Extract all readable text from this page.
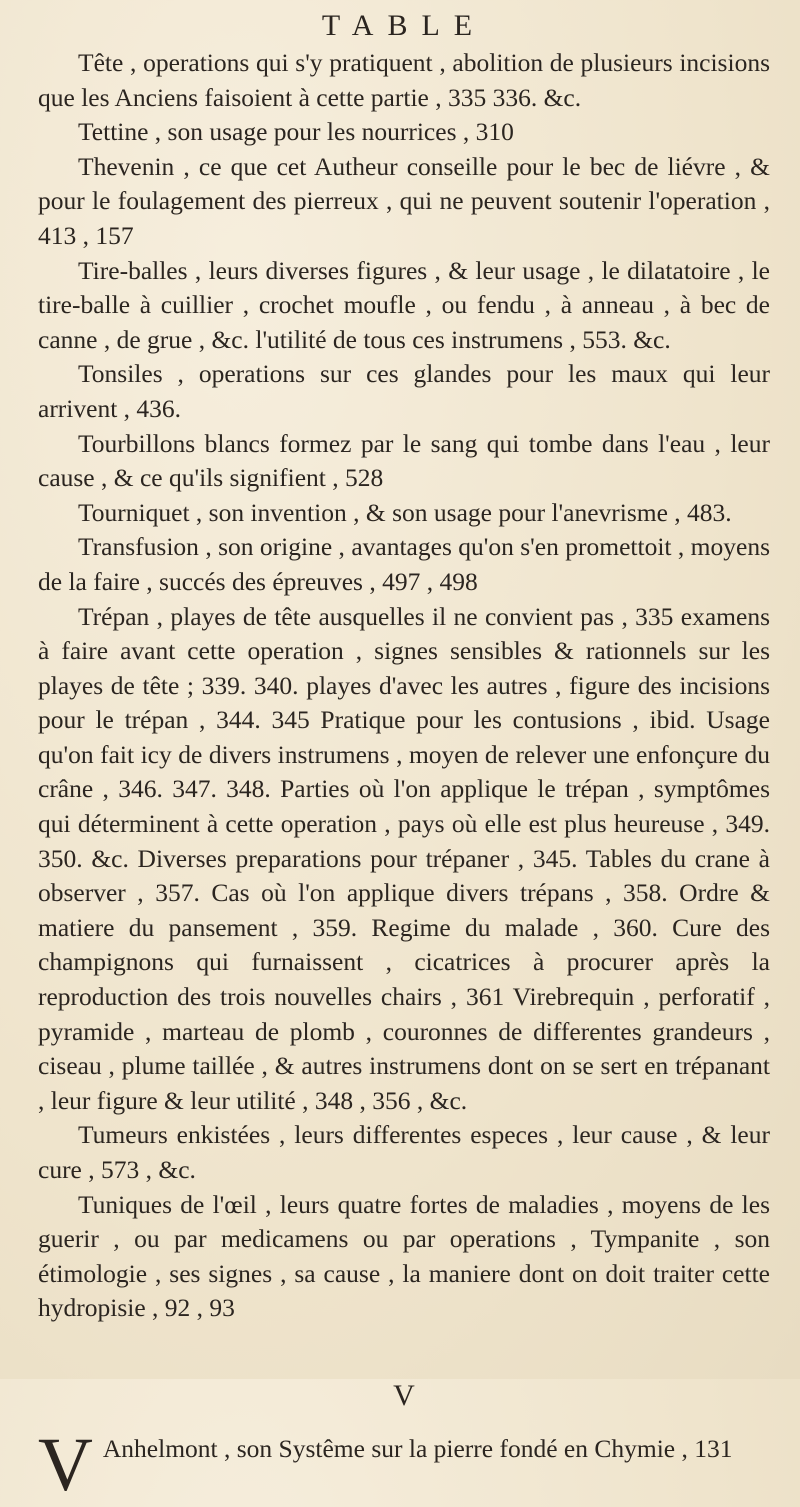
TABLE

Tête , operations qui s'y pratiquent , abolition de plusieurs incisions que les Anciens faisoient à cette partie , 335 336. &c.

Tettine , son usage pour les nourrices , 310

Thevenin , ce que cet Autheur conseille pour le bec de liévre , & pour le foulagement des pierreux , qui ne peuvent soutenir l'operation , 413 , 157

Tire-balles , leurs diverses figures , & leur usage , le dilatatoire , le tire-balle à cuillier , crochet moufle , ou fendu , à anneau , à bec de canne , de grue , &c. l'utilité de tous ces instrumens , 553. &c.

Tonsiles , operations sur ces glandes pour les maux qui leur arrivent , 436.

Tourbillons blancs formez par le sang qui tombe dans l'eau , leur cause , & ce qu'ils signifient , 528

Tourniquet , son invention , & son usage pour l'anevrisme , 483.

Transfusion , son origine , avantages qu'on s'en promettoit , moyens de la faire , succés des épreuves , 497 , 498

Trépan , playes de tête ausquelles il ne convient pas , 335 examens à faire avant cette operation , signes sensibles & rationnels sur les playes de tête ; 339. 340. playes d'avec les autres , figure des incisions pour le trépan , 344. 345 Pratique pour les contusions , ibid. Usage qu'on fait icy de divers instrumens , moyen de relever une enfonçure du crâne , 346. 347. 348. Parties où l'on applique le trépan , symptômes qui déterminent à cette operation , pays où elle est plus heureuse , 349. 350. &c. Diverses preparations pour trépaner , 345. Tables du crane à observer , 357. Cas où l'on applique divers trépans , 358. Ordre & matiere du pansement , 359. Regime du malade , 360. Cure des champignons qui furnaissent , cicatrices à procurer après la reproduction des trois nouvelles chairs , 361 Virebrequin , perforatif , pyramide , marteau de plomb , couronnes de differentes grandeurs , ciseau , plume taillée , & autres instrumens dont on se sert en trépanant , leur figure & leur utilité , 348 , 356 , &c.

Tumeurs enkistées , leurs differentes especes , leur cause , & leur cure , 573 , &c.

Tuniques de l'œil , leurs quatre fortes de maladies , moyens de les guerir , ou par medicamens ou par operations , Tympanite , son étimologie , ses signes , sa cause , la maniere dont on doit traiter cette hydropisie , 92 , 93

V
V Anhelmont , son Systême sur la pierre fondé en Chymie , 131
